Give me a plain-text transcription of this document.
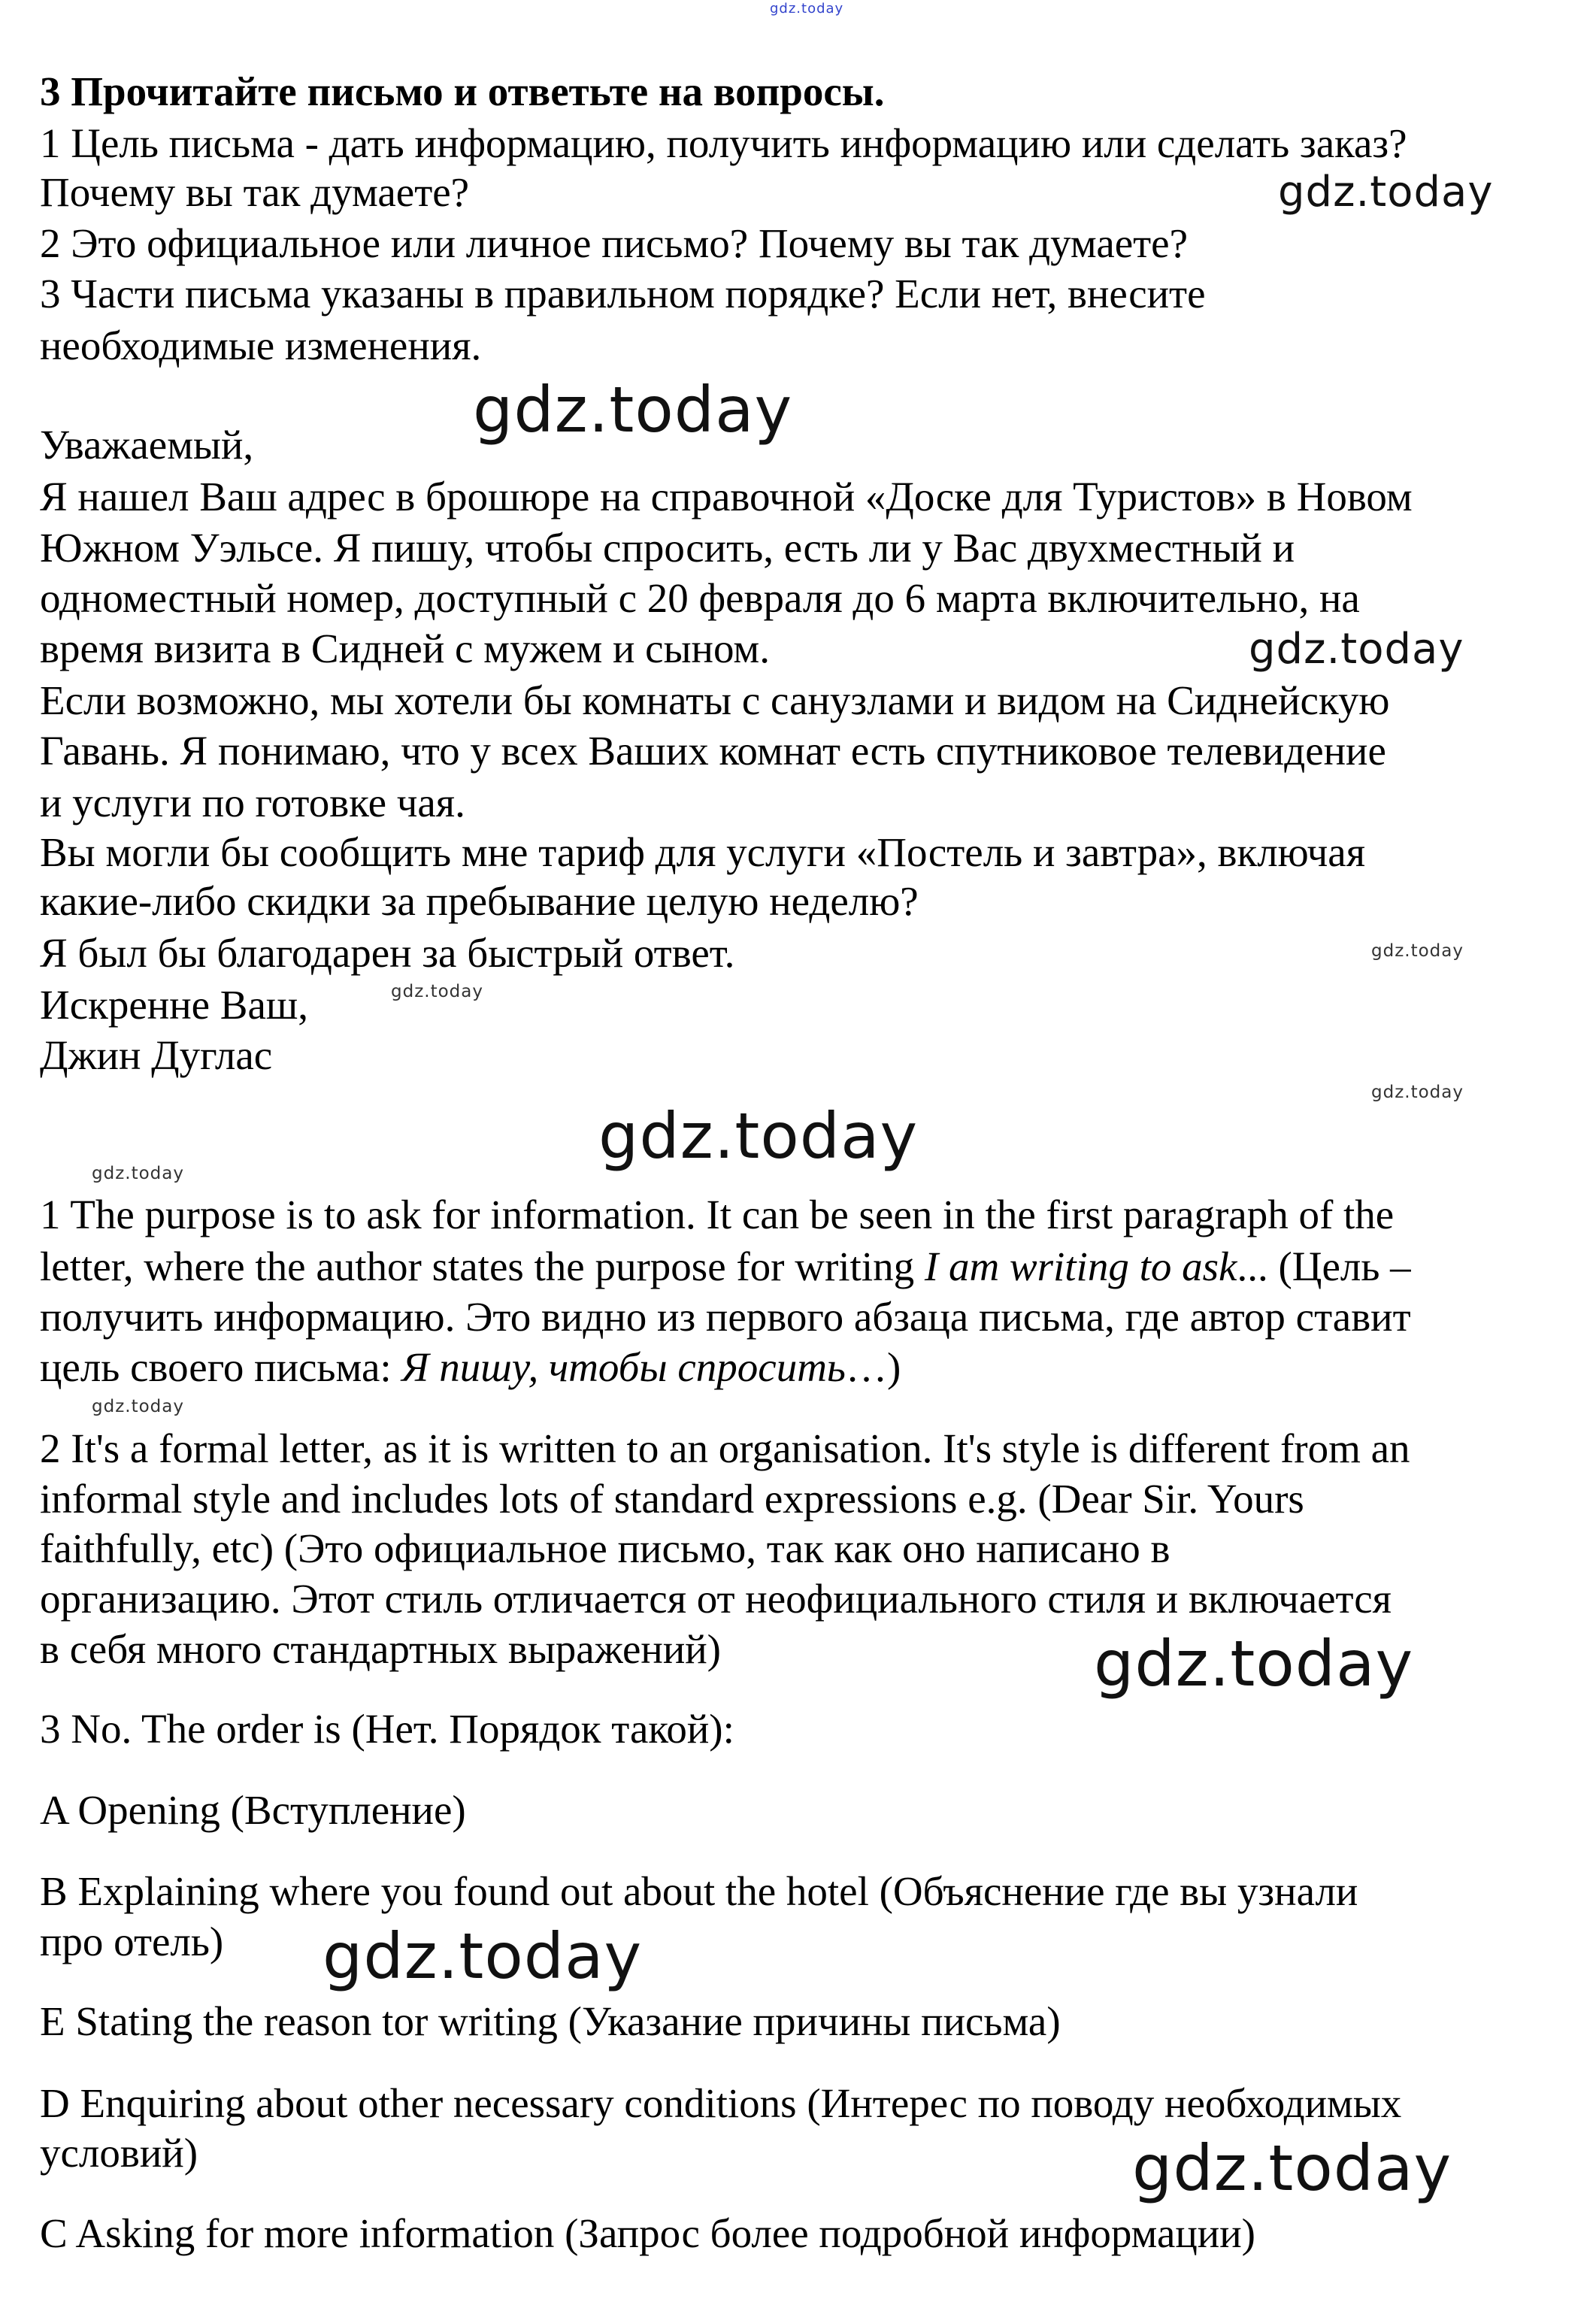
gdz.today
3 Прочитайте письмо и ответьте на вопросы.
1 Цель письма - дать информацию, получить информацию или сделать заказ?
Почему вы так думаете?
2 Это официальное или личное письмо? Почему вы так думаете?
3 Части письма указаны в правильном порядке? Если нет, внесите
необходимые изменения.
Уважаемый,
Я нашел Ваш адрес в брошюре на справочной «Доске для Туристов» в Новом
Южном Уэльсе. Я пишу, чтобы спросить, есть ли у Вас двухместный и
одноместный номер, доступный с 20 февраля до 6 марта включительно, на
время визита в Сидней с мужем и сыном.
Если возможно, мы хотели бы комнаты с санузлами и видом на Сиднейскую
Гавань. Я понимаю, что у всех Ваших комнат есть спутниковое телевидение
и услуги по готовке чая.
Вы могли бы сообщить мне тариф для услуги «Постель и завтра», включая
какие-либо скидки за пребывание целую неделю?
Я был бы благодарен за быстрый ответ.
Искренне Ваш,
Джин Дуглас
1 The purpose is to ask for information. It can be seen in the first paragraph of the
letter, where the author states the purpose for writing I am writing to ask... (Цель –
получить информацию. Это видно из первого абзаца письма, где автор ставит
цель своего письма: Я пишу, чтобы спросить…)
2 It's a formal letter, as it is written to an organisation. It's style is different from an
informal style and includes lots of standard expressions e.g. (Dear Sir. Yours
faithfully, etc) (Это официальное письмо, так как оно написано в
организацию. Этот стиль отличается от неофициального стиля и включается
в себя много стандартных выражений)
3 No. The order is (Нет. Порядок такой):
A Opening (Вступление)
B Explaining where you found out about the hotel (Объяснение где вы узнали
про отель)
E Stating the reason tor writing (Указание причины письма)
D Enquiring about other necessary conditions (Интерес по поводу необходимых
условий)
C Asking for more information (Запрос более подробной информации)
gdz.today
gdz.today
gdz.today
gdz.today
gdz.today
gdz.today
gdz.today
gdz.today
gdz.today
gdz.today
gdz.today
gdz.today
